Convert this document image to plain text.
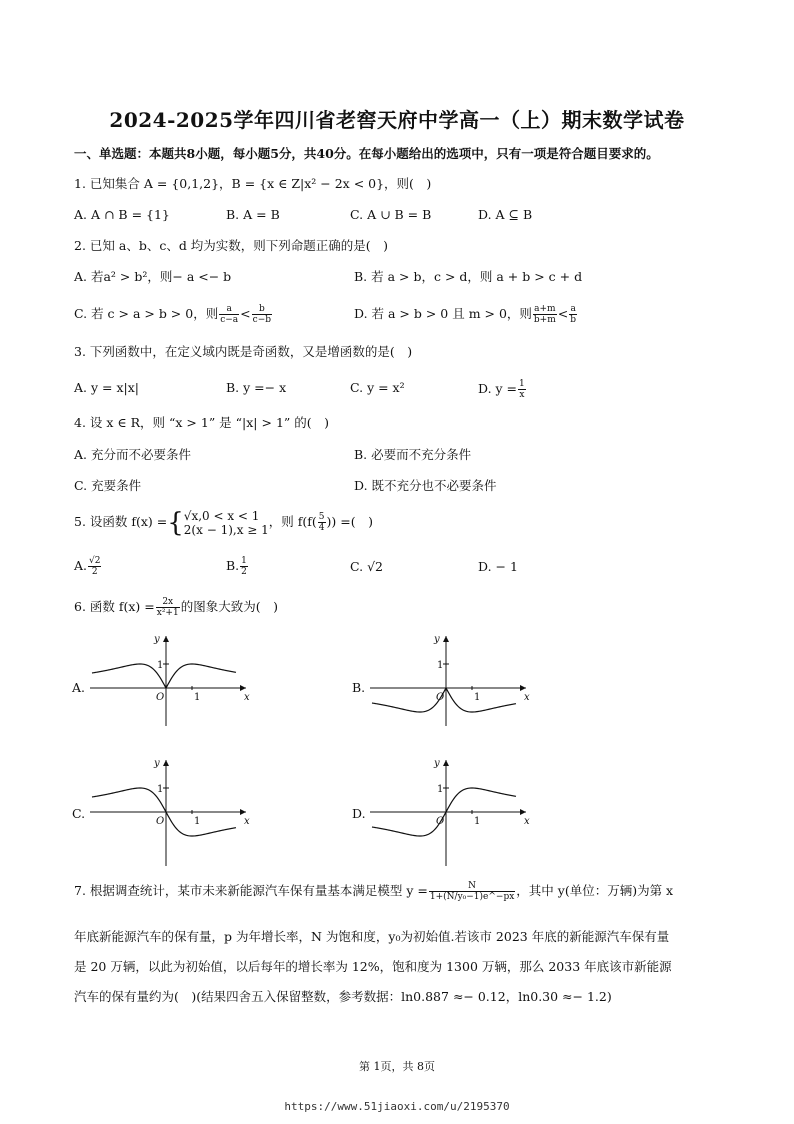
2024-2025学年四川省老窖天府中学高一（上）期末数学试卷
一、单选题：本题共8小题，每小题5分，共40分。在每小题给出的选项中，只有一项是符合题目要求的。
1. 已知集合 A = {0,1,2}，B = {x ∈ Z|x² − 2x < 0}，则(　)
A. A ∩ B = {1}	B. A = B	C. A ∪ B = B	D. A ⊆ B
2. 已知 a、b、c、d 均为实数，则下列命题正确的是(　)
A. 若a² > b²，则− a <− b	B. 若 a > b，c > d，则 a + b > c + d
C. 若 c > a > b > 0，则 $\frac{a}{c-a} < \frac{b}{c-b}$	D. 若 a > b > 0 且 m > 0，则 $\frac{a+m}{b+m} < \frac{a}{b}$
3. 下列函数中，在定义域内既是奇函数，又是增函数的是(　)
A. y = x|x|	B. y =− x	C. y = x²	D. $y = \frac{1}{x}$
4. 设 x ∈ R，则 “x > 1” 是 “|x| > 1” 的(　)
A. 充分而不必要条件	B. 必要而不充分条件
C. 充要条件	D. 既不充分也不必要条件
5. 设函数 f(x) ={ √x,0 < x < 1
2(x − 1),x ≥ 1
，则 $f(f( \frac{5}{4}$ )) =(　)
A. $\frac{√2}{2}$	B. $\frac{1}{2}$	C. √2	D. − 1
6. 函数 $f(x) = \frac{2x}{\text{x²+1}}$ 的图象大致为(　)
A.	B.
C.	D.
y
x
O
1
1
y
x
O
1
1
y
x
O
1
1
y
x
O
1
1
7. 根据调查统计，某市未来新能源汽车保有量基本满足模型 $y = \frac{N}{\text{1+(N/y₀−1)e\textasciicircum{}−px}}$ ，其中 y(单位：万辆)为第 x
年底新能源汽车的保有量，p 为年增长率，N 为饱和度，y₀为初始值.若该市 2023 年底的新能源汽车保有量
是 20 万辆，以此为初始值，以后每年的增长率为 12%，饱和度为 1300 万辆，那么 2033 年底该市新能源
汽车的保有量约为(　)(结果四舍五入保留整数，参考数据：ln0.887 ≈− 0.12，ln0.30 ≈− 1.2)
第 1页，共 8页
https://www.51jiaoxi.com/u/2195370
